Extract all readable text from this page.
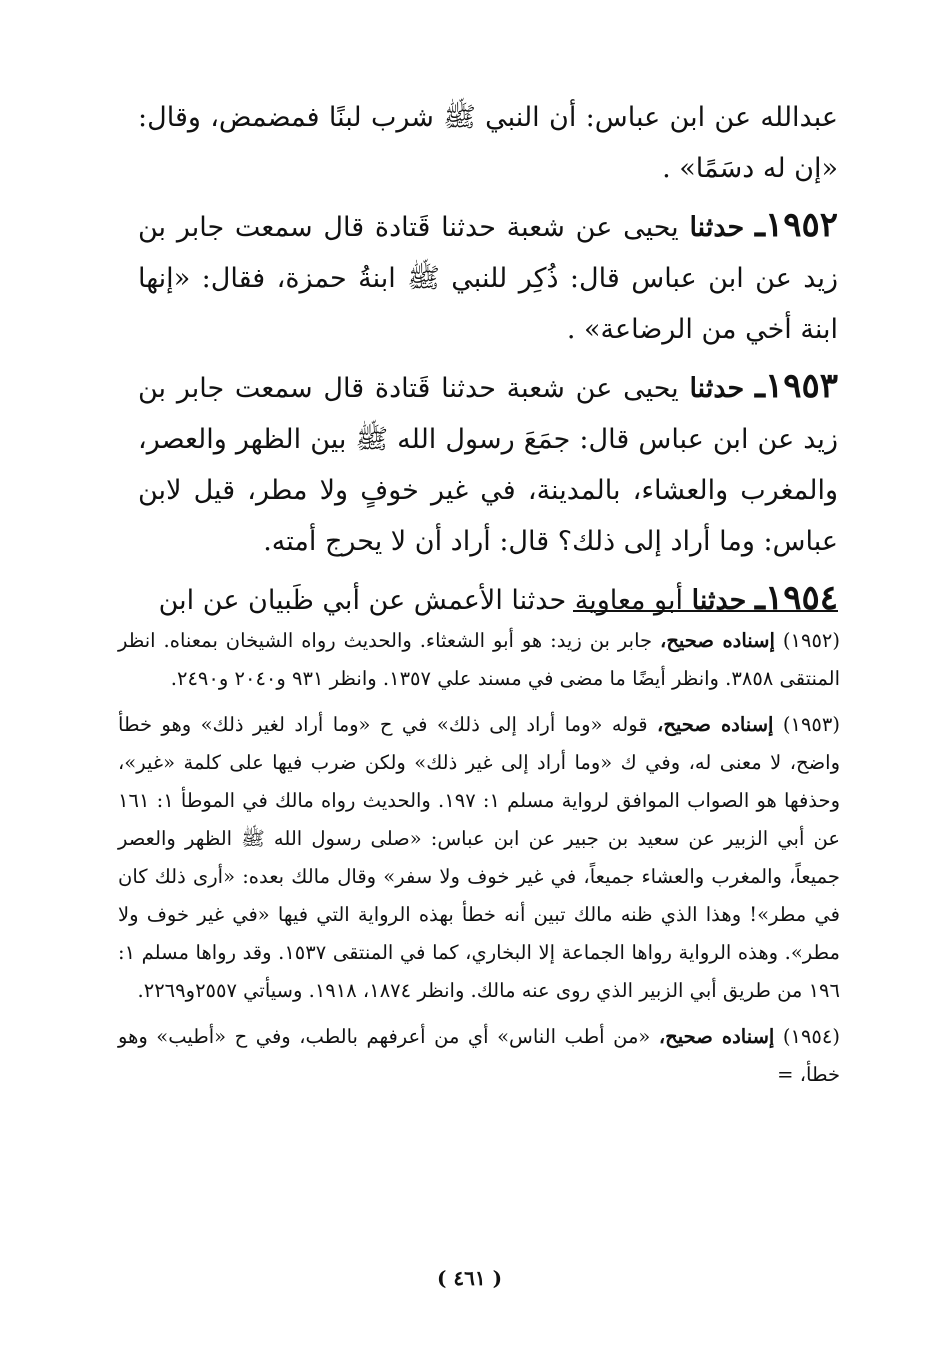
عبدالله عن ابن عباس: أن النبي ﷺ شرب لبنًا فمضمض، وقال: «إن له دسَمًا» .

١٩٥٢ـ حدثنا يحيى عن شعبة حدثنا قَتادة قال سمعت جابر بن زيد عن ابن عباس قال: ذُكِر للنبي ﷺ ابنةُ حمزة، فقال: «إنها ابنة أخي من الرضاعة» .

١٩٥٣ـ حدثنا يحيى عن شعبة حدثنا قَتادة قال سمعت جابر بن زيد عن ابن عباس قال: جمَعَ رسول الله ﷺ بين الظهر والعصر، والمغرب والعشاء، بالمدينة، في غير خوفٍ ولا مطر، قيل لابن عباس: وما أراد إلى ذلك؟ قال: أراد أن لا يحرج أمته.

١٩٥٤ـ حدثنا أبو معاوية حدثنا الأعمش عن أبي ظَبيان عن ابن

(١٩٥٢) إسناده صحيح، جابر بن زيد: هو أبو الشعثاء. والحديث رواه الشيخان بمعناه. انظر المنتقى ٣٨٥٨. وانظر أيضًا ما مضى في مسند علي ١٣٥٧. وانظر ٩٣١ و٢٠٤٠ و٢٤٩٠.

(١٩٥٣) إسناده صحيح، قوله «وما أراد إلى ذلك» في ح «وما أراد لغير ذلك» وهو خطأ واضح، لا معنى له، وفي ك «وما أراد إلى غير ذلك» ولكن ضرب فيها على كلمة «غير»، وحذفها هو الصواب الموافق لرواية مسلم ١: ١٩٧. والحديث رواه مالك في الموطأ ١: ١٦١ عن أبي الزبير عن سعيد بن جبير عن ابن عباس: «صلى رسول الله ﷺ الظهر والعصر جميعاً، والمغرب والعشاء جميعاً، في غير خوف ولا سفر» وقال مالك بعده: «أرى ذلك كان في مطر»! وهذا الذي ظنه مالك تبين أنه خطأ بهذه الرواية التي فيها «في غير خوف ولا مطر». وهذه الرواية رواها الجماعة إلا البخاري، كما في المنتقى ١٥٣٧. وقد رواها مسلم ١: ١٩٦ من طريق أبي الزبير الذي روى عنه مالك. وانظر ١٨٧٤، ١٩١٨. وسيأتي ٢٥٥٧و٢٢٦٩.

(١٩٥٤) إسناده صحيح، «من أطب الناس» أي من أعرفهم بالطب، وفي ح «أطيب» وهو خطأ، =

( ٤٦١ )
